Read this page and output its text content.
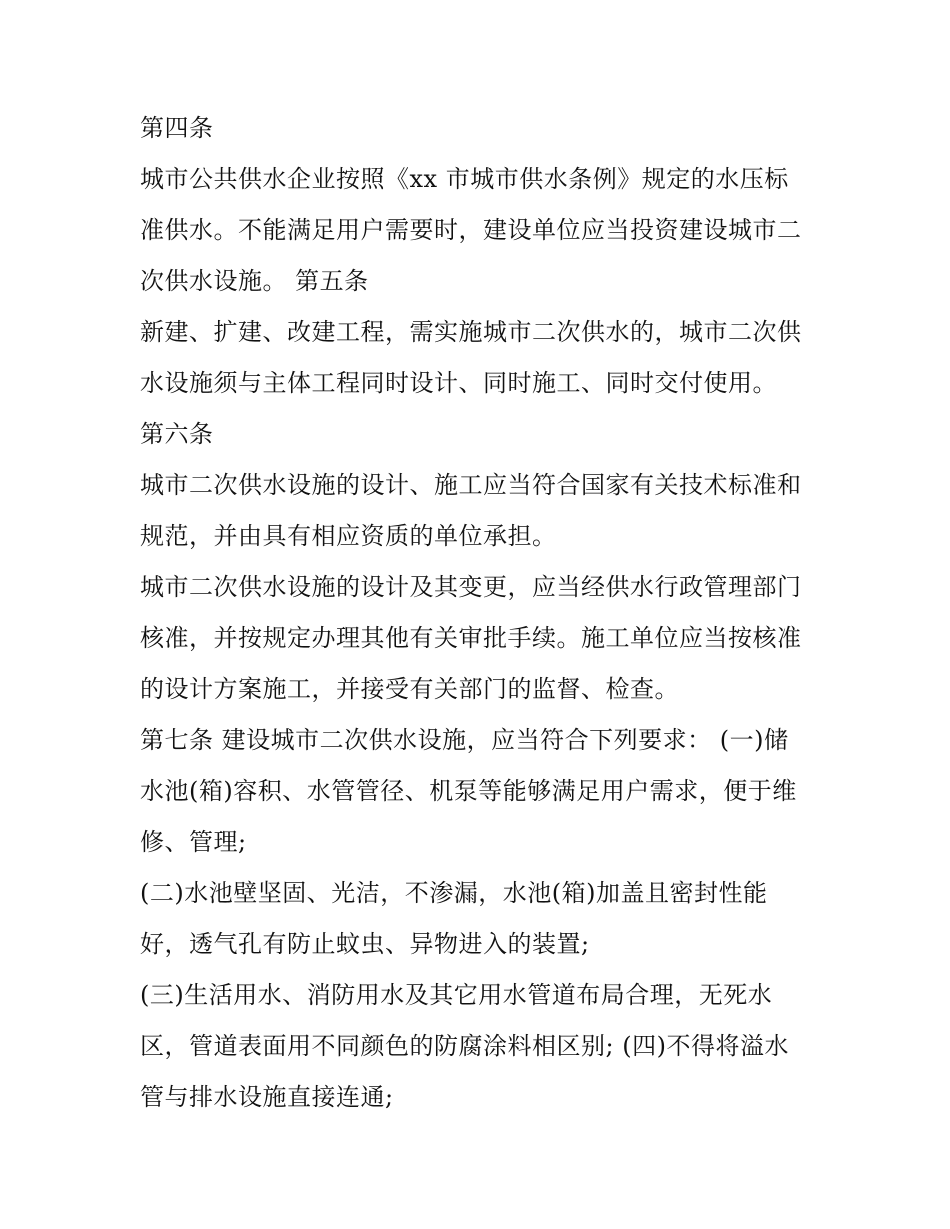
第四条
城市公共供水企业按照《xx 市城市供水条例》规定的水压标
准供水。不能满足用户需要时，建设单位应当投资建设城市二
次供水设施。 第五条
新建、扩建、改建工程，需实施城市二次供水的，城市二次供
水设施须与主体工程同时设计、同时施工、同时交付使用。
第六条
城市二次供水设施的设计、施工应当符合国家有关技术标准和
规范，并由具有相应资质的单位承担。
城市二次供水设施的设计及其变更，应当经供水行政管理部门
核准，并按规定办理其他有关审批手续。施工单位应当按核准
的设计方案施工，并接受有关部门的监督、检查。
第七条 建设城市二次供水设施，应当符合下列要求： (一)储
水池(箱)容积、水管管径、机泵等能够满足用户需求，便于维
修、管理;
(二)水池壁坚固、光洁，不渗漏，水池(箱)加盖且密封性能
好，透气孔有防止蚊虫、异物进入的装置;
(三)生活用水、消防用水及其它用水管道布局合理，无死水
区，管道表面用不同颜色的防腐涂料相区别; (四)不得将溢水
管与排水设施直接连通;
